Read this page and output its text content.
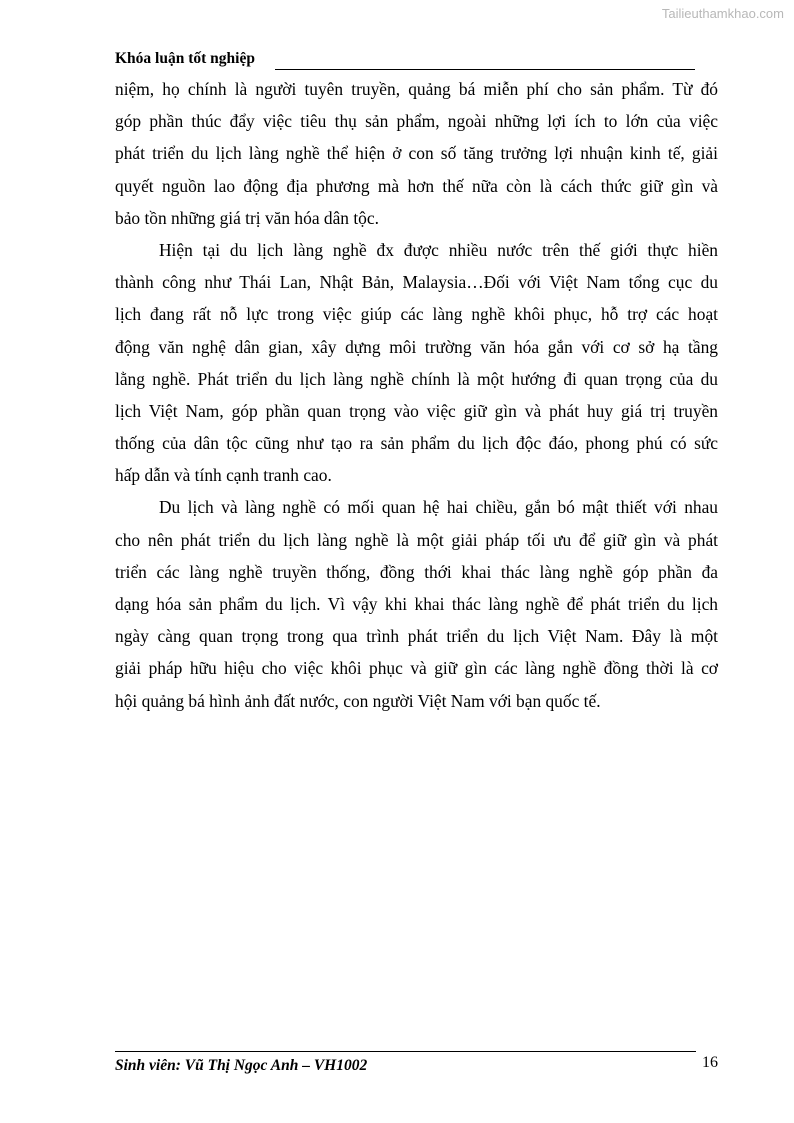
Tailieuthamkhao.com
Khóa luận tốt nghiệp
niệm, họ chính là người tuyên truyền, quảng bá miễn phí cho sản phẩm. Từ đó
góp phần thúc đẩy việc tiêu thụ sản phẩm, ngoài những lợi ích to lớn của việc
phát triển du lịch làng nghề thể hiện ở con số tăng trưởng lợi nhuận kinh tế, giải
quyết nguồn lao động địa phương mà hơn thế nữa còn là cách thức giữ gìn và
bảo tồn những giá trị văn hóa dân tộc.
Hiện tại du lịch làng nghề đx được nhiều nước trên thế giới thực hiền
thành công như Thái Lan, Nhật Bản, Malaysia…Đối với Việt Nam tổng cục du
lịch đang rất nỗ lực trong việc giúp các làng nghề khôi phục, hỗ trợ các hoạt
động văn nghệ dân gian, xây dựng môi trường văn hóa gắn với cơ sở hạ tầng
lằng nghề. Phát triển du lịch làng nghề chính là một hướng đi quan trọng của du
lịch Việt Nam, góp phần quan trọng vào việc giữ gìn và phát huy giá trị truyền
thống của dân tộc cũng như tạo ra sản phẩm du lịch độc đáo, phong phú có sức
hấp dẫn và tính cạnh tranh cao.
Du lịch và làng nghề có mối quan hệ hai chiều, gắn bó mật thiết với nhau
cho nên phát triển du lịch làng nghề là một giải pháp tối ưu để giữ gìn và phát
triển các làng nghề truyền thống, đồng thới khai thác làng nghề góp phần đa
dạng hóa sản phẩm du lịch. Vì vậy khi khai thác làng nghề để phát triển du lịch
ngày càng quan trọng trong qua trình phát triển du lịch Việt Nam. Đây là một
giải pháp hữu hiệu cho việc khôi phục và giữ gìn các làng nghề đồng thời là cơ
hội quảng bá hình ảnh đất nước, con người Việt Nam với bạn quốc tế.
Sinh viên: Vũ Thị Ngọc Anh – VH1002	16
